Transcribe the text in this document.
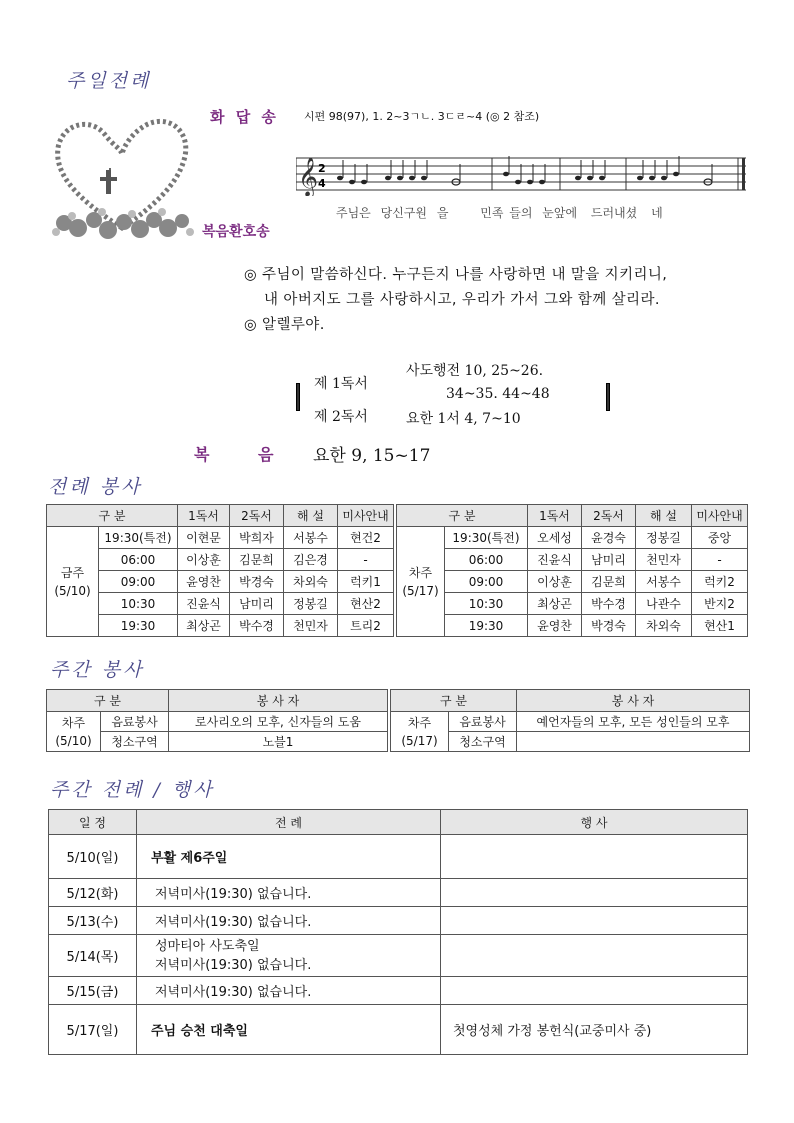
주일전례
화 답 송 시편 98(97), 1. 2~3ㄱㄴ. 3ㄷㄹ~4 (◎ 2 참조)
𝄞 2
4
주님은 당신구원 을	민족 들의 눈앞에 드러내셨 네
복음환호송
◎ 주님이 말씀하신다. 누구든지 나를 사랑하면 내 말을 지키리니,
내 아버지도 그를 사랑하시고, 우리가 가서 그와 함께 살리라.
◎ 알렐루야.
제 1독서
사도행전 10, 25~26.
34~35. 44~48
제 2독서	요한 1서 4, 7~10
복	음 요한 9, 15~17
전례 봉사
구 분		1독서	2독서	해 설	미사안내

금주
(5/10)	19:30(특전)	이현문	박희자	서봉수	현건2
	06:00	이상훈	김문희	김은경	-
	09:00	윤영찬	박경숙	차외숙	럭키1
	10:30	진윤식	남미리	정봉길	현산2
	19:30	최상곤	박수경	천민자	트리2
구 분		1독서	2독서	해 설	미사안내

차주
(5/17)	19:30(특전)	오세성	윤경숙	정봉길	중앙
	06:00	진윤식	남미리	천민자	-
	09:00	이상훈	김문희	서봉수	럭키2
	10:30	최상곤	박수경	나관수	반지2
	19:30	윤영찬	박경숙	차외숙	현산1
주간 봉사
구 분		봉 사 자

차주
(5/10)	음료봉사	로사리오의 모후, 신자들의 도움
	청소구역	노블1
구 분		봉 사 자

차주
(5/17)	음료봉사	예언자들의 모후, 모든 성인들의 모후
	청소구역	
주간 전례 / 행사
일 정	전 례	행 사
5/10(일)	부활 제6주일	
5/12(화)	저녁미사(19:30) 없습니다.	
5/13(수)	저녁미사(19:30) 없습니다.	
5/14(목)	성마티아 사도축일
저녁미사(19:30) 없습니다.	

5/15(금)	저녁미사(19:30) 없습니다.	
5/17(일)	주님 승천 대축일	첫영성체 가정 봉헌식(교중미사 중)
